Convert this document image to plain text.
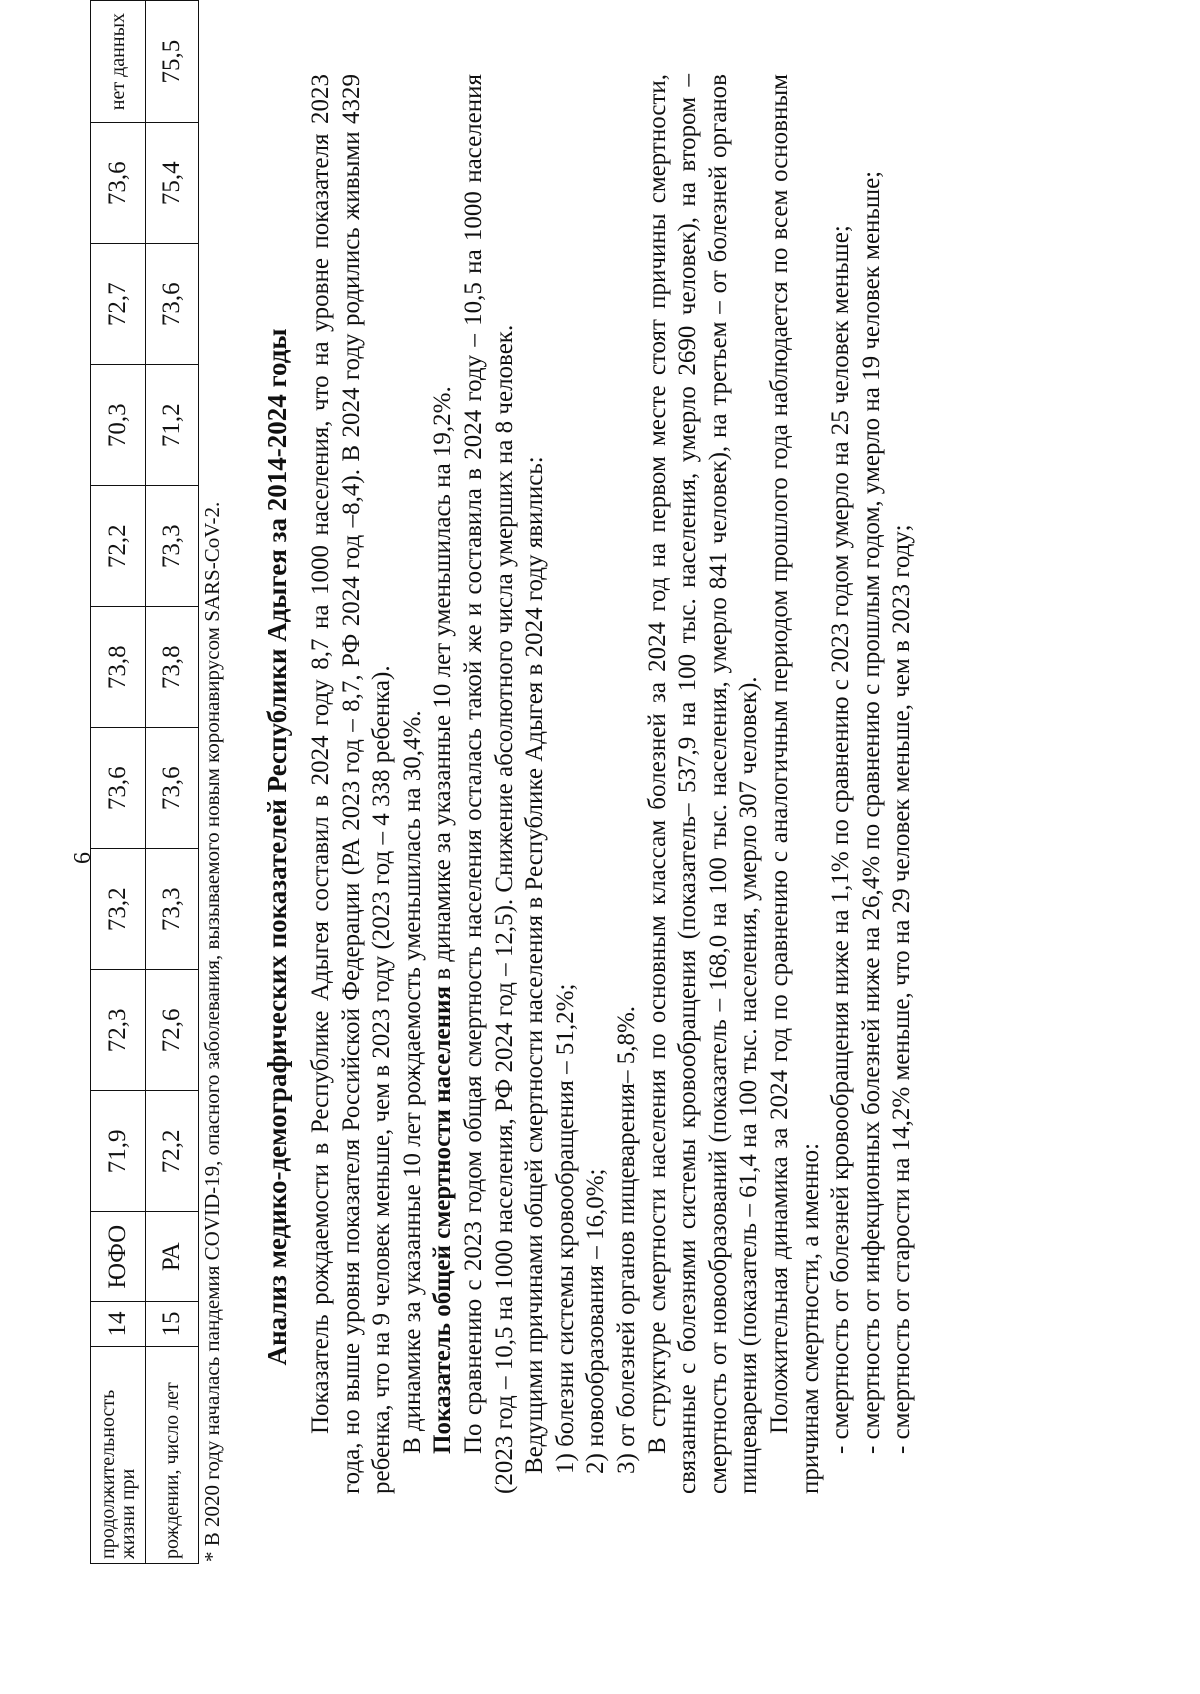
6
продолжительность жизни при	14	ЮФО	71,9	72,3	73,2	73,6	73,8	72,2	70,3	72,7	73,6	нет данных
рождении, число лет	15	РА	72,2	72,6	73,3	73,6	73,8	73,3	71,2	73,6	75,4	75,5
* В 2020 году началась пандемия COVID-19, опасного заболевания, вызываемого новым коронавирусом SARS-CoV-2. Анализ медико-демографических показателей Республики Адыгея за 2014-2024 годы Показатель рождаемости в Республике Адыгея составил в 2024 году 8,7 на 1000 населения, что на уровне показателя 2023 года, но выше уровня показателя Российской Федерации (РА 2023 год – 8,7, РФ 2024 год –8,4). В 2024 году родились живыми 4329 ребенка, что на 9 человек меньше, чем в 2023 году (2023 год – 4 338 ребенка). В динамике за указанные 10 лет рождаемость уменьшилась на 30,4%. Показатель общей смертности населения в динамике за указанные 10 лет уменьшилась на 19,2%. По сравнению с 2023 годом общая смертность населения осталась такой же и составила в 2024 году – 10,5 на 1000 населения (2023 год – 10,5 на 1000 населения, РФ 2024 год – 12,5). Снижение абсолютного числа умерших на 8 человек. Ведущими причинами общей смертности населения в Республике Адыгея в 2024 году явились: 1) болезни системы кровообращения – 51,2%; 2) новообразования – 16,0%; 3) от болезней органов пищеварения– 5,8%. В структуре смертности населения по основным классам болезней за 2024 год на первом месте стоят причины смертности, связанные с болезнями системы кровообращения (показатель– 537,9 на 100 тыс. населения, умерло 2690 человек), на втором –смертность от новообразований (показатель – 168,0 на 100 тыс. населения, умерло 841 человек), на третьем – от болезней органов пищеварения (показатель – 61,4 на 100 тыс. населения, умерло 307 человек). Положительная динамика за 2024 год по сравнению с аналогичным периодом прошлого года наблюдается по всем основным причинам смертности, а именно: - смертность от болезней кровообращения ниже на 1,1% по сравнению с 2023 годом умерло на 25 человек меньше; - смертность от инфекционных болезней ниже на 26,4% по сравнению с прошлым годом, умерло на 19 человек меньше; - смертность от старости на 14,2% меньше, что на 29 человек меньше, чем в 2023 году;
